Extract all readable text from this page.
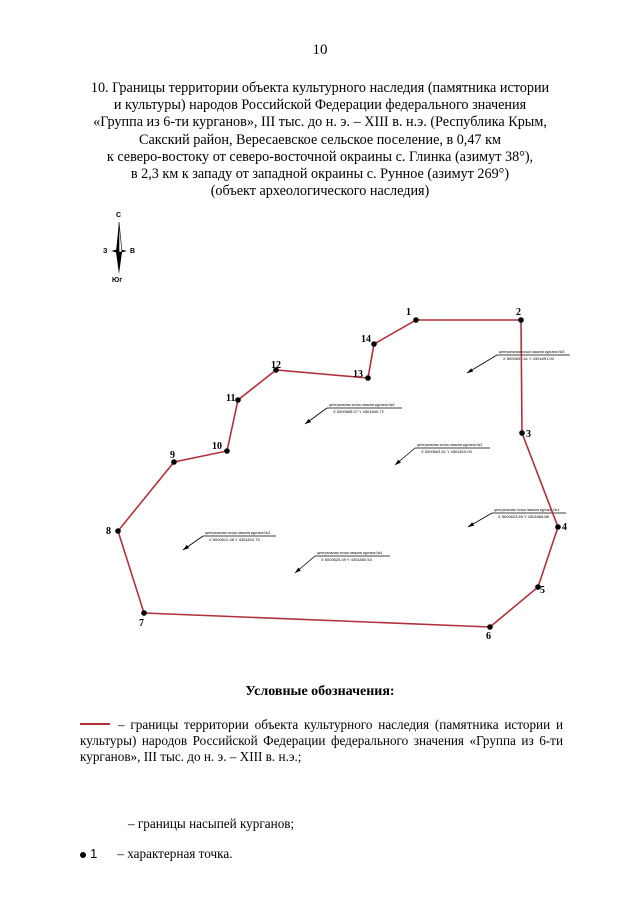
10
10. Границы территории объекта культурного наследия (памятника истории
и культуры) народов Российской Федерации федерального значения
«Группа из 6-ти курганов», III тыс. до н. э. – XIII в. н.э. (Республика Крым,
Сакский район, Вересаевское сельское поселение, в 0,47 км
к северо-востоку от северо-восточной окраины с. Глинка (азимут 38°),
в 2,3 км к западу от западной окраины с. Рунное (азимут 269°)
(объект археологического наследия)
С
З	В
Юг
центральная точка насыпи кургана №1
X 5000623.69 Y 4301866.88
центральная точка насыпи кургана №2
X 5000663.61 Y 4301810.00
центральная точка насыпи кургана №3
X 5000612.48 Y 4301810.70
центральная точка насыпи кургана №4
X 5000625.49 Y 4301850.54
центральная точка насыпи кургана №5
X 5000691.61 Y 4301891.00
центральная точка насыпи кургана №6
X 5000685.07 Y 4301840.72
1	2
3
4
5
6
7
8
9
10
11
12
13
14
Условные обозначения:
– границы территории объекта культурного наследия (памятника истории и культуры) народов Российской Федерации федерального значения «Группа из 6-ти курганов», III тыс. до н. э. – XIII в. н.э.;
– границы насыпей курганов;
1 – характерная точка.
